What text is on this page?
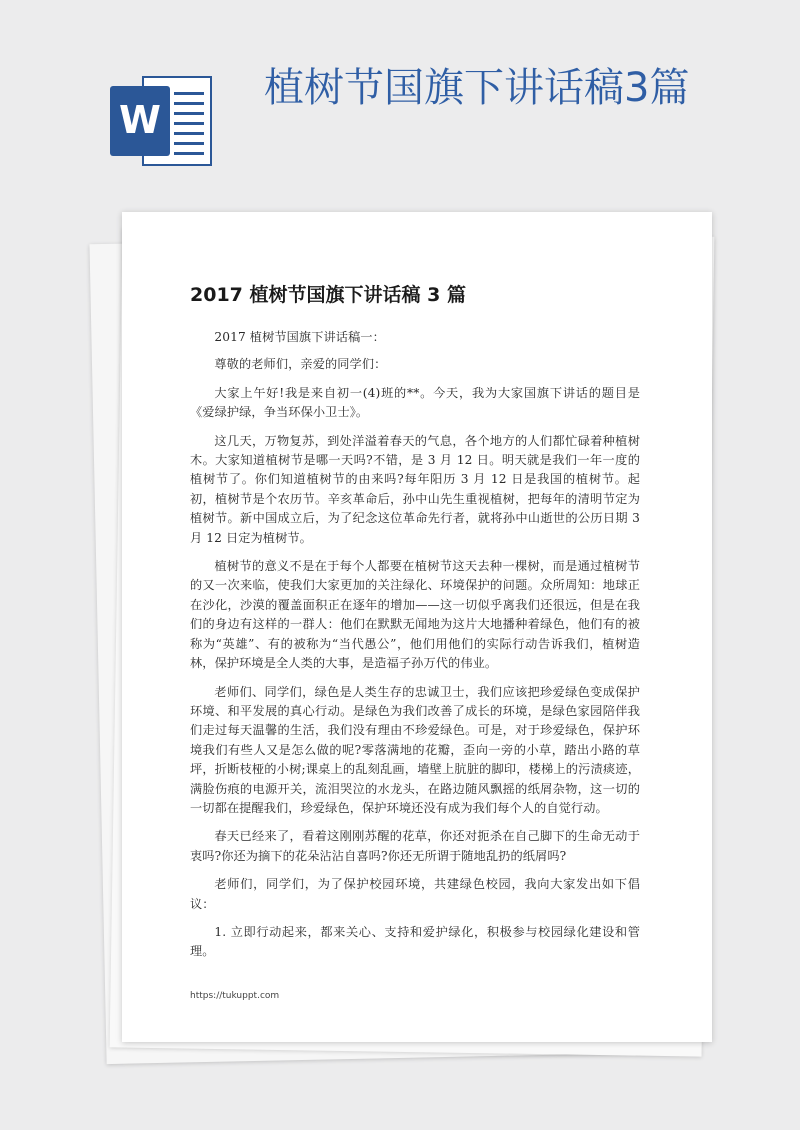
W
植树节国旗下讲话稿3篇
2017 植树节国旗下讲话稿 3 篇

2017 植树节国旗下讲话稿一：

尊敬的老师们，亲爱的同学们：

大家上午好!我是来自初一(4)班的**。今天，我为大家国旗下讲话的题目是《爱绿护绿，争当环保小卫士》。

这几天，万物复苏，到处洋溢着春天的气息，各个地方的人们都忙碌着种植树木。大家知道植树节是哪一天吗?不错，是 3 月 12 日。明天就是我们一年一度的植树节了。你们知道植树节的由来吗?每年阳历 3 月 12 日是我国的植树节。起初，植树节是个农历节。辛亥革命后，孙中山先生重视植树，把每年的清明节定为植树节。新中国成立后，为了纪念这位革命先行者，就将孙中山逝世的公历日期 3 月 12 日定为植树节。

植树节的意义不是在于每个人都要在植树节这天去种一棵树，而是通过植树节的又一次来临，使我们大家更加的关注绿化、环境保护的问题。众所周知：地球正在沙化，沙漠的覆盖面积正在逐年的增加——这一切似乎离我们还很远，但是在我们的身边有这样的一群人：他们在默默无闻地为这片大地播种着绿色，他们有的被称为“英雄”、有的被称为“当代愚公”，他们用他们的实际行动告诉我们，植树造林，保护环境是全人类的大事，是造福子孙万代的伟业。

老师们、同学们，绿色是人类生存的忠诚卫士，我们应该把珍爱绿色变成保护环境、和平发展的真心行动。是绿色为我们改善了成长的环境，是绿色家园陪伴我们走过每天温馨的生活，我们没有理由不珍爱绿色。可是，对于珍爱绿色，保护环境我们有些人又是怎么做的呢?零落满地的花瓣，歪向一旁的小草，踏出小路的草坪，折断枝桠的小树;课桌上的乱刻乱画，墙壁上肮脏的脚印，楼梯上的污渍痰迹，满脸伤痕的电源开关，流泪哭泣的水龙头，在路边随风飘摇的纸屑杂物，这一切的一切都在提醒我们，珍爱绿色，保护环境还没有成为我们每个人的自觉行动。

春天已经来了，看着这刚刚苏醒的花草，你还对扼杀在自己脚下的生命无动于衷吗?你还为摘下的花朵沾沾自喜吗?你还无所谓于随地乱扔的纸屑吗?

老师们，同学们，为了保护校园环境，共建绿色校园，我向大家发出如下倡议：

1. 立即行动起来，都来关心、支持和爱护绿化，积极参与校园绿化建设和管理。

https://tukuppt.com
